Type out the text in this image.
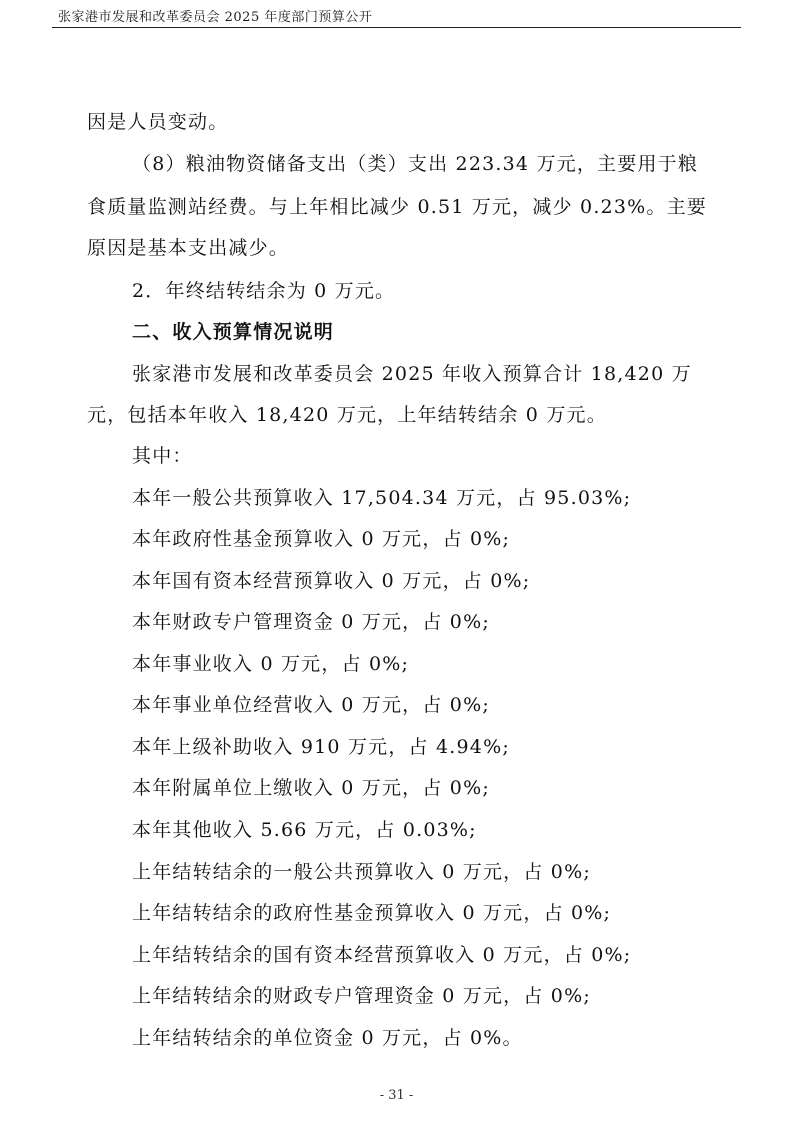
张家港市发展和改革委员会 2025 年度部门预算公开
因是人员变动。
（8）粮油物资储备支出（类）支出 223.34 万元，主要用于粮
食质量监测站经费。与上年相比减少 0.51 万元，减少 0.23%。主要
原因是基本支出减少。
2．年终结转结余为 0 万元。
二、收入预算情况说明
张家港市发展和改革委员会 2025 年收入预算合计 18,420 万
元，包括本年收入 18,420 万元，上年结转结余 0 万元。
其中：
本年一般公共预算收入 17,504.34 万元，占 95.03%;
本年政府性基金预算收入 0 万元，占 0%;
本年国有资本经营预算收入 0 万元，占 0%;
本年财政专户管理资金 0 万元，占 0%;
本年事业收入 0 万元，占 0%;
本年事业单位经营收入 0 万元，占 0%;
本年上级补助收入 910 万元，占 4.94%;
本年附属单位上缴收入 0 万元，占 0%;
本年其他收入 5.66 万元，占 0.03%;
上年结转结余的一般公共预算收入 0 万元，占 0%;
上年结转结余的政府性基金预算收入 0 万元，占 0%;
上年结转结余的国有资本经营预算收入 0 万元，占 0%;
上年结转结余的财政专户管理资金 0 万元，占 0%;
上年结转结余的单位资金 0 万元，占 0%。
- 31 -
